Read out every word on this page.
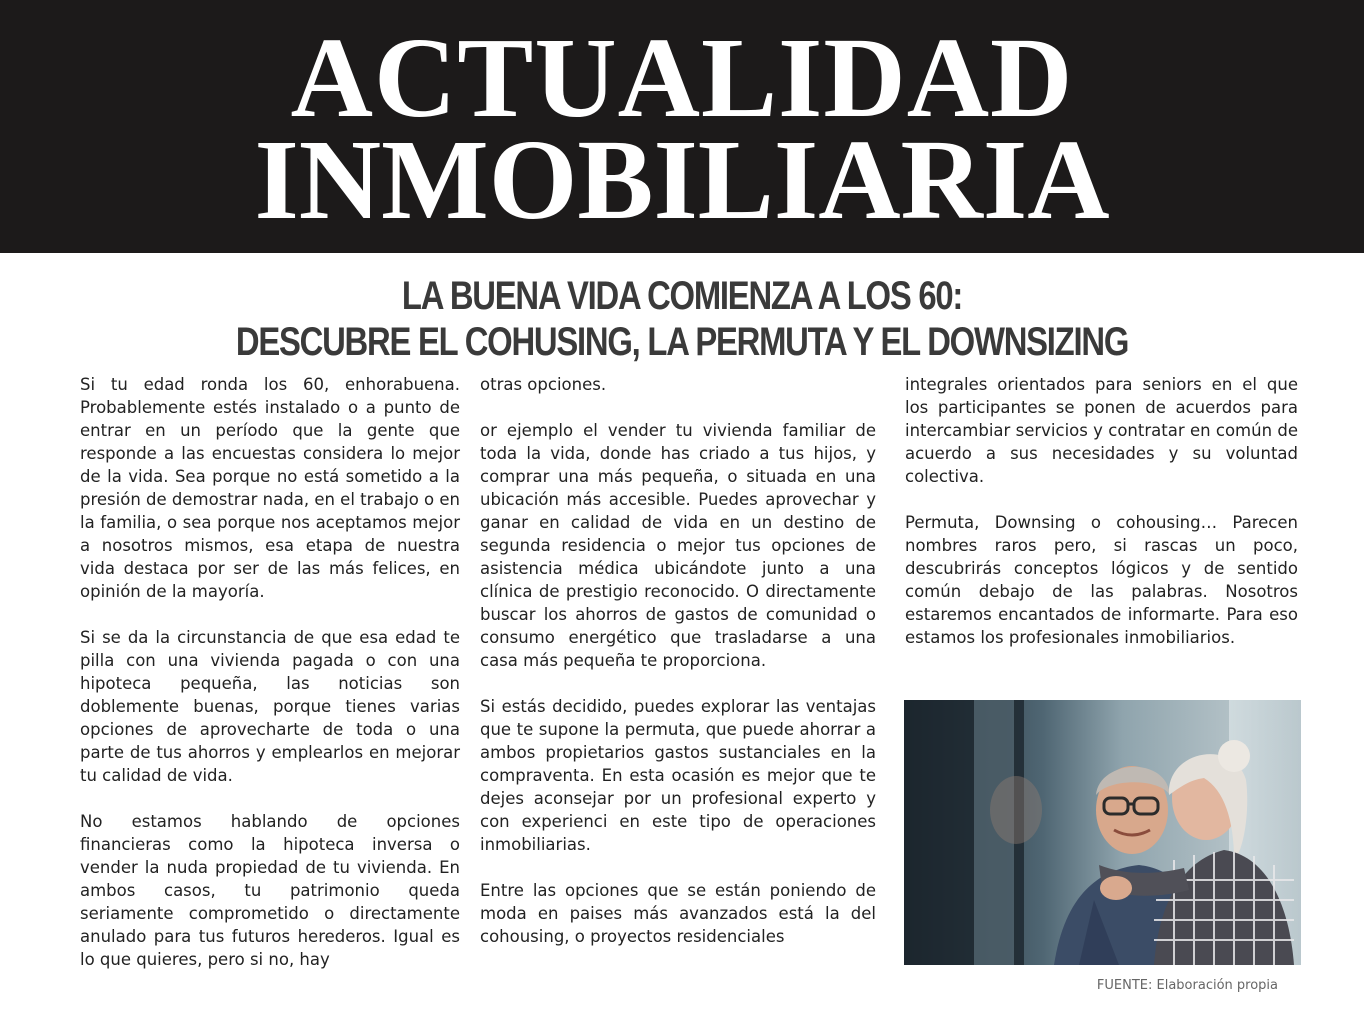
ACTUALIDAD
INMOBILIARIA
LA BUENA VIDA COMIENZA A LOS 60:
DESCUBRE EL COHUSING, LA PERMUTA Y EL DOWNSIZING

Si tu edad ronda los 60, enhorabuena. Probablemente estés instalado o a punto de entrar en un período que la gente que responde a las encuestas considera lo mejor de la vida. Sea porque no está sometido a la presión de demostrar nada, en el trabajo o en la familia, o sea porque nos aceptamos mejor a nosotros mismos, esa etapa de nuestra vida destaca por ser de las más felices, en opinión de la mayoría.

Si se da la circunstancia de que esa edad te pilla con una vivienda pagada o con una hipoteca pequeña, las noticias son doblemente buenas, porque tienes varias opciones de aprovecharte de toda o una parte de tus ahorros y emplearlos en mejorar tu calidad de vida.

No estamos hablando de opciones financieras como la hipoteca inversa o vender la nuda propiedad de tu vivienda. En ambos casos, tu patrimonio queda seriamente comprometido o directamente anulado para tus futuros herederos. Igual es lo que quieres, pero si no, hay

otras opciones.

or ejemplo el vender tu vivienda familiar de toda la vida, donde has criado a tus hijos, y comprar una más pequeña, o situada en una ubicación más accesible. Puedes aprovechar y ganar en calidad de vida en un destino de segunda residencia o mejor tus opciones de asistencia médica ubicándote junto a una clínica de prestigio reconocido. O directamente buscar los ahorros de gastos de comunidad o consumo energético que trasladarse a una casa más pequeña te proporciona.

Si estás decidido, puedes explorar las ventajas que te supone la permuta, que puede ahorrar a ambos propietarios gastos sustanciales en la compraventa. En esta ocasión es mejor que te dejes aconsejar por un profesional experto y con experienci en este tipo de operaciones inmobiliarias.

Entre las opciones que se están poniendo de moda en paises más avanzados está la del cohousing, o proyectos residenciales

integrales orientados para seniors en el que los participantes se ponen de acuerdos para intercambiar servicios y contratar en común de acuerdo a sus necesidades y su voluntad colectiva.

Permuta, Downsing o cohousing… Parecen nombres raros pero, si rascas un poco, descubrirás conceptos lógicos y de sentido común debajo de las palabras. Nosotros estaremos encantados de informarte. Para eso estamos los profesionales inmobiliarios.

FUENTE: Elaboración propia
